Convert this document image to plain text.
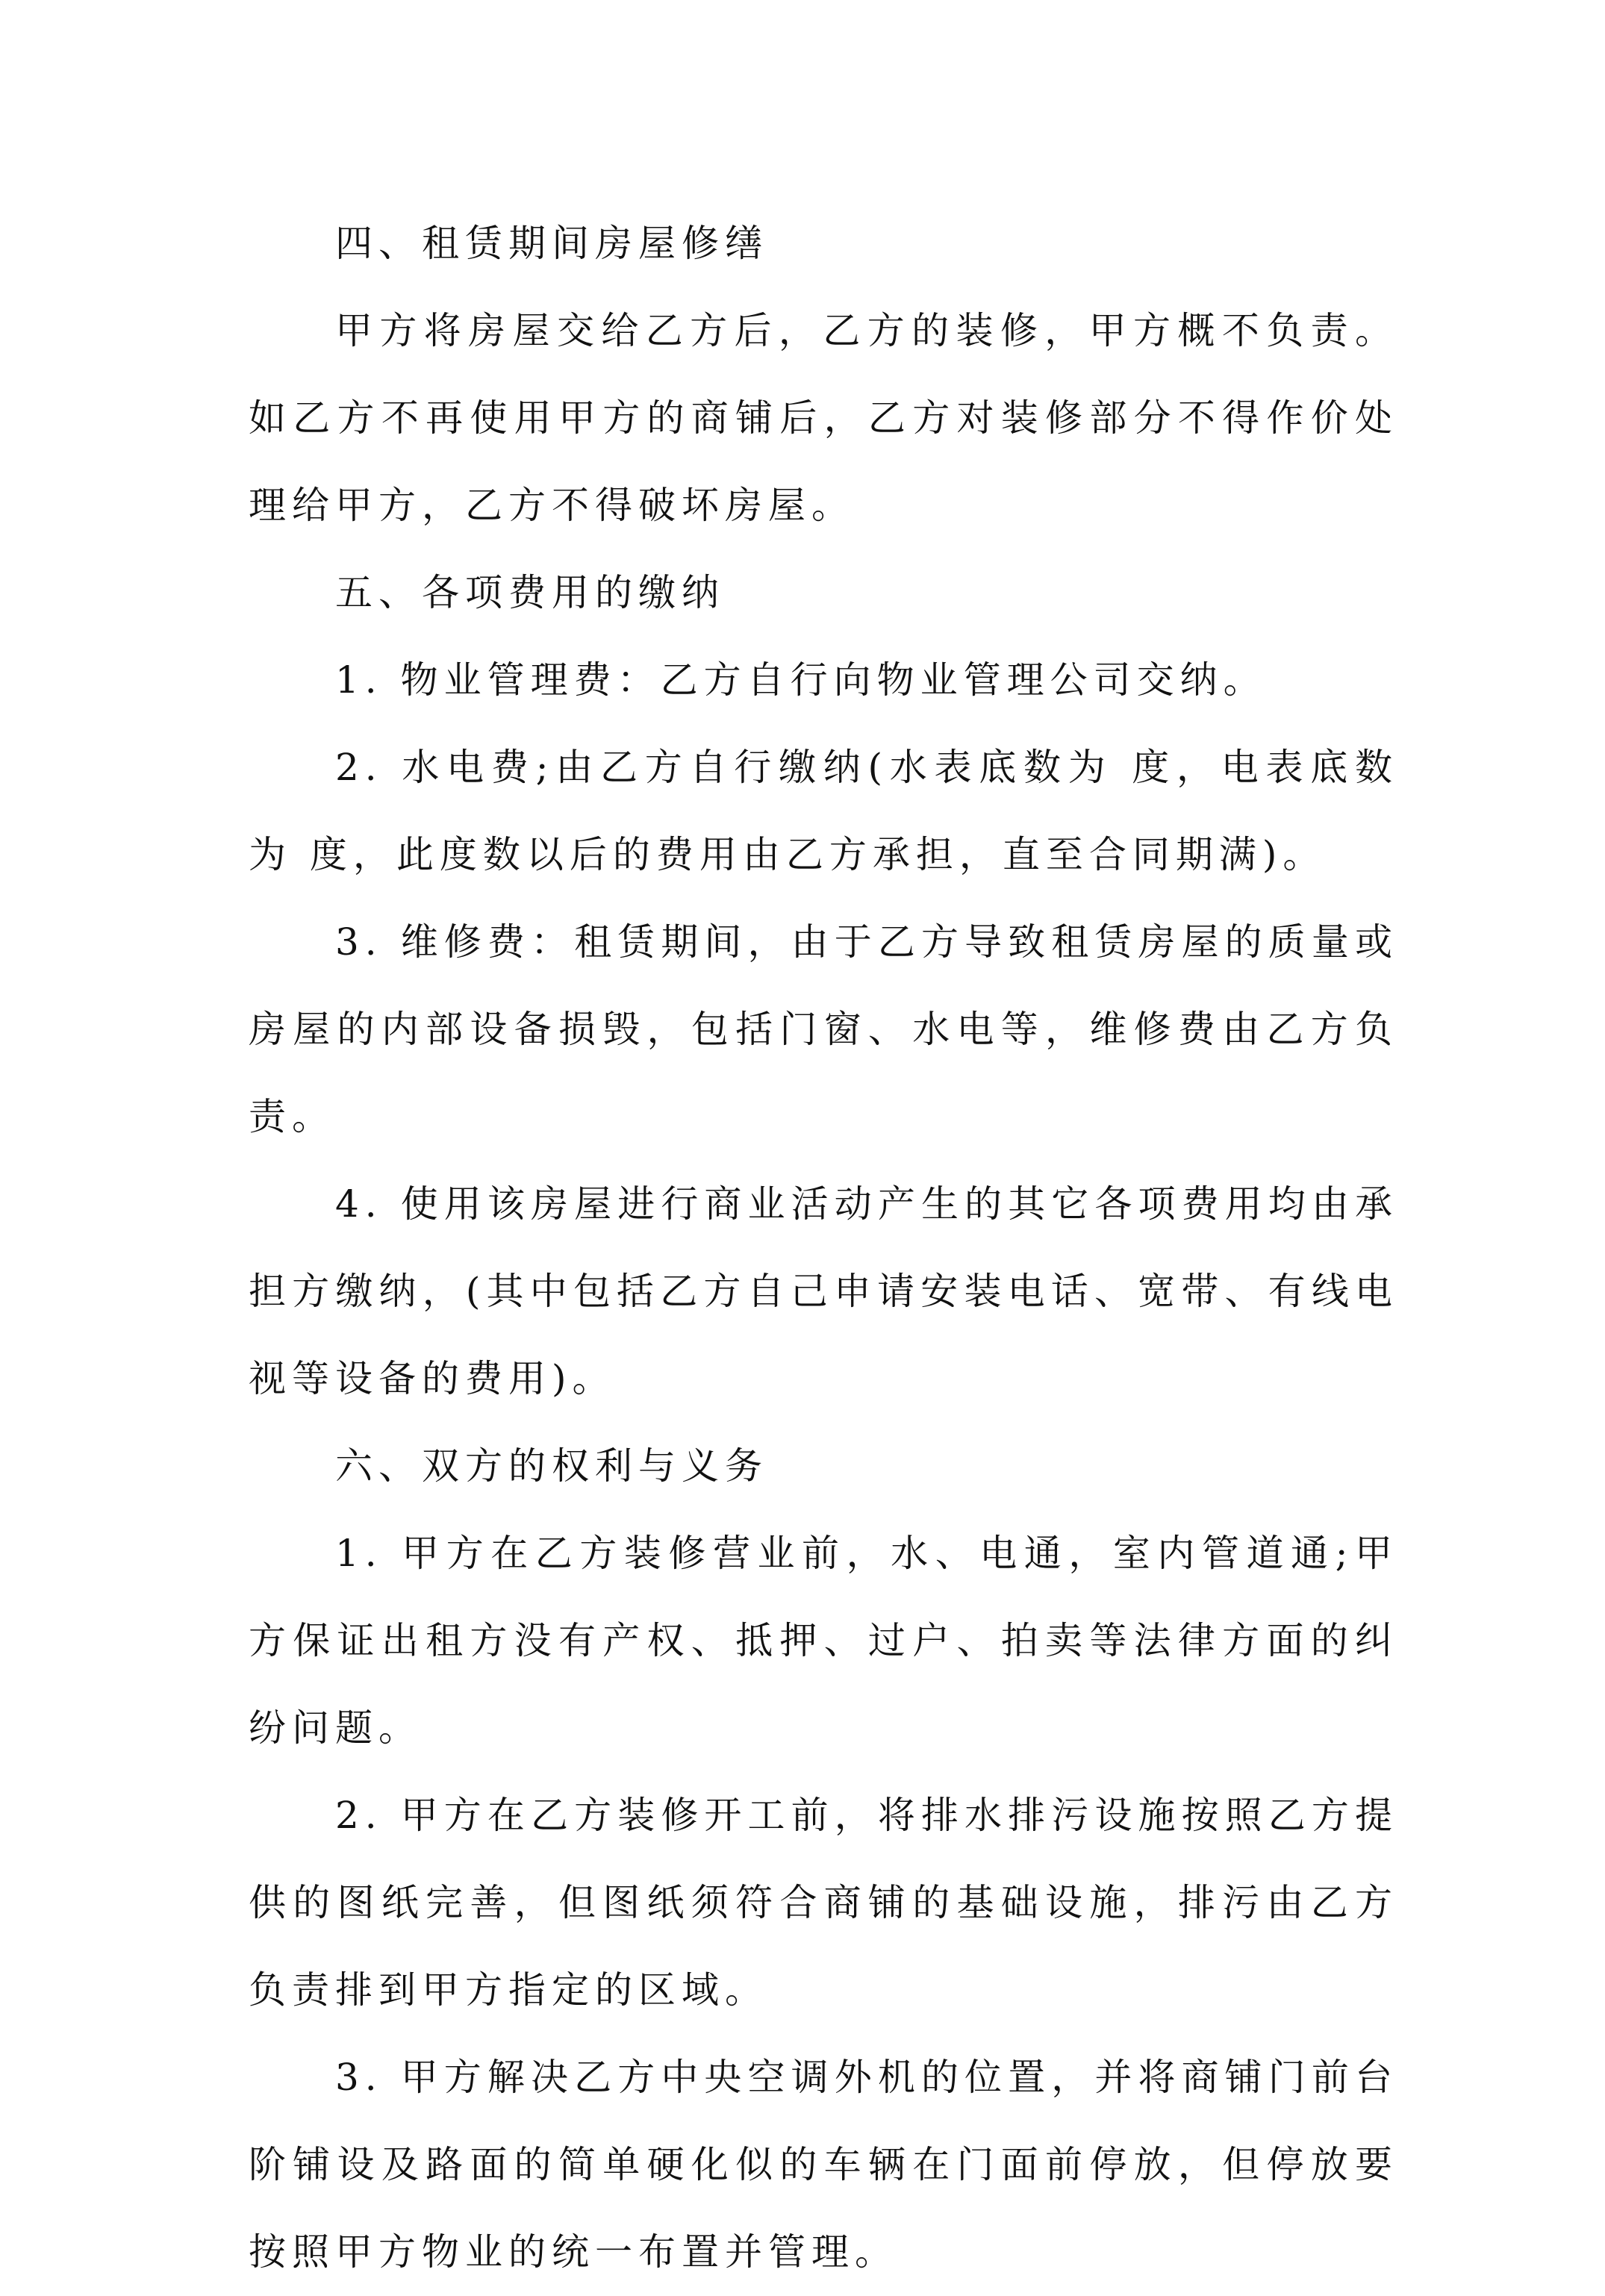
四、租赁期间房屋修缮

甲方将房屋交给乙方后，乙方的装修，甲方概不负责。如乙方不再使用甲方的商铺后，乙方对装修部分不得作价处理给甲方，乙方不得破坏房屋。

五、各项费用的缴纳

1. 物业管理费：乙方自行向物业管理公司交纳。

2. 水电费;由乙方自行缴纳(水表底数为 度，电表底数为 度，此度数以后的费用由乙方承担，直至合同期满)。

3. 维修费：租赁期间，由于乙方导致租赁房屋的质量或房屋的内部设备损毁，包括门窗、水电等，维修费由乙方负责。

4. 使用该房屋进行商业活动产生的其它各项费用均由承担方缴纳，(其中包括乙方自己申请安装电话、宽带、有线电视等设备的费用)。

六、双方的权利与义务

1. 甲方在乙方装修营业前，水、电通，室内管道通;甲方保证出租方没有产权、抵押、过户、拍卖等法律方面的纠纷问题。

2. 甲方在乙方装修开工前，将排水排污设施按照乙方提供的图纸完善，但图纸须符合商铺的基础设施，排污由乙方负责排到甲方指定的区域。

3. 甲方解决乙方中央空调外机的位置，并将商铺门前台阶铺设及路面的简单硬化似的车辆在门面前停放，但停放要按照甲方物业的统一布置并管理。
